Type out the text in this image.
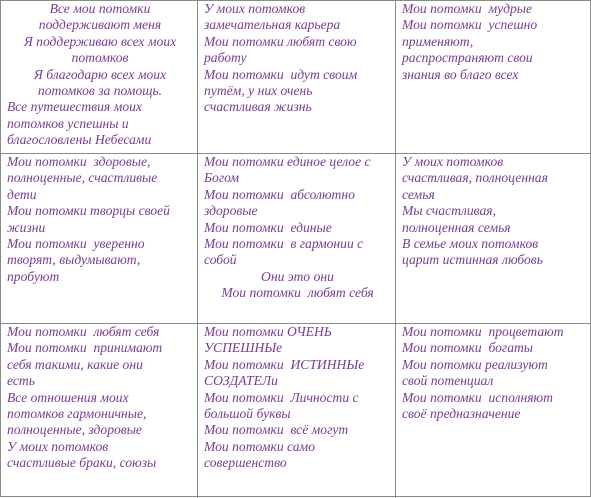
Все мои потомки
поддерживают меня
Я поддерживаю всех моих
потомков
Я благодарю всех моих
потомков за помощь.
Все путешествия моих
потомков успешны и
благословлены Небесами
У моих потомков
замечательная карьера
Мои потомки любят свою
работу
Мои потомки  идут своим
путём, у них очень
счастливая жизнь
Мои потомки  мудрые
Мои потомки  успешно
применяют,
распространяют свои
знания во благо всех
Мои потомки  здоровые,
полноценные, счастливые
дети
Мои потомки творцы своей
жизни
Мои потомки  уверенно
творят, выдумывают,
пробуют
Мои потомки единое целое с
Богом
Мои потомки  абсолютно
здоровые
Мои потомки  единые
Мои потомки  в гармонии с
собой
Они это они
Мои потомки  любят себя
У моих потомков
счастливая, полноценная
семья
Мы счастливая,
полноценная семья
В семье моих потомков
царит истинная любовь
Мои потомки  любят себя
Мои потомки  принимают
себя такими, какие они
есть
Все отношения моих
потомков гармоничные,
полноценные, здоровые
У моих потомков
счастливые браки, союзы
Мои потомки ОЧЕНЬ
УСПЕШНЫе
Мои потомки  ИСТИННЫе
СОЗДАТЕЛи
Мои потомки  Личности с
большой буквы
Мои потомки  всё могут
Мои потомки само
совершенство
Мои потомки  процветают
Мои потомки  богаты
Мои потомки реализуют
свой потенциал
Мои потомки  исполняют
своё предназначение
